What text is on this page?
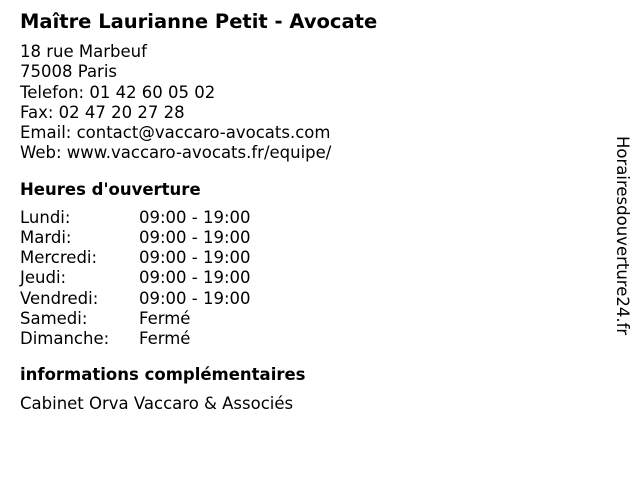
Maître Laurianne Petit - Avocate
18 rue Marbeuf
75008 Paris
Telefon: 01 42 60 05 02
Fax: 02 47 20 27 28
Email: contact@vaccaro-avocats.com
Web: www.vaccaro-avocats.fr/equipe/
Heures d'ouverture
Lundi:	09:00 - 19:00
Mardi:	09:00 - 19:00
Mercredi:	09:00 - 19:00
Jeudi:	09:00 - 19:00
Vendredi:	09:00 - 19:00
Samedi:	Fermé
Dimanche:	Fermé
informations complémentaires
Cabinet Orva Vaccaro & Associés
Horairesdouverture24.fr
